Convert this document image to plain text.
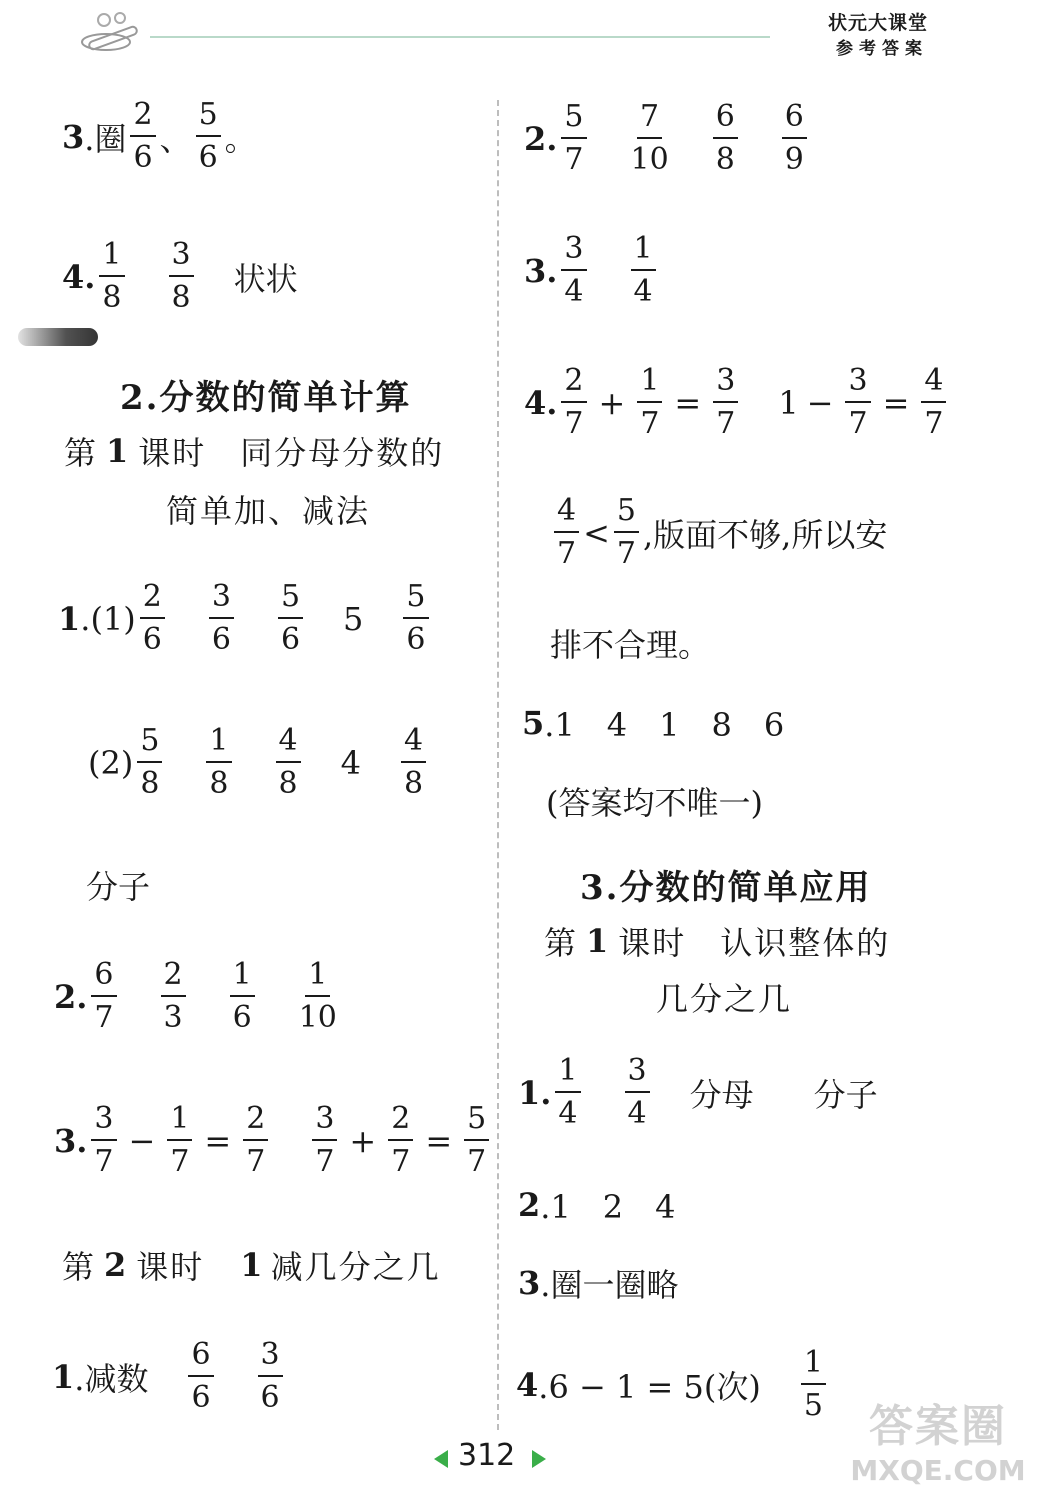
状元大课堂
参考答案
3 .圈 $\frac{2}{6}$ 、 $\frac{5}{6}$ 。
4 . $\frac{1}{8} \frac{3}{8}$ 状状
2.分数的简单计算
第 1 课时　同分母分数的
简单加、减法
1 $.(1) \frac{2}{6} \frac{3}{6} \frac{5}{6} 5 \frac{5}{6}$
$(2) \frac{5}{8} \frac{1}{8} \frac{4}{8} 4 \frac{4}{8}$
分子
2 . $\frac{6}{7} \frac{2}{3} \frac{1}{6} \frac{1}{10}$
3 . $\frac{3}{7} - \frac{1}{7} = \frac{2}{7} \frac{3}{7} + \frac{2}{7} = \frac{5}{7}$
第 2 课时 1 减几分之几
1 .减数 $\frac{6}{6} \frac{3}{6}$
2 . $\frac{5}{7} \frac{7}{10} \frac{6}{8} \frac{6}{9}$
3 . $\frac{3}{4} \frac{1}{4}$
4 . $\frac{2}{7} + \frac{1}{7} = \frac{3}{7} 1 - \frac{3}{7} = \frac{4}{7}$
$\frac{4}{7} < \frac{5}{7}$ ,版面不够,所以安
排不合理。
5 .1　4　1　8　6
(答案均不唯一)
3.分数的简单应用
第 1 课时　认识整体的
几分之几
1 . $\frac{1}{4} \frac{3}{4}$ 分母 分子
2 .1　2　4
3 .圈一圈略
4 .6 − 1 = 5(次) $\frac{1}{5}$
312
答案圈
MXQE.COM
